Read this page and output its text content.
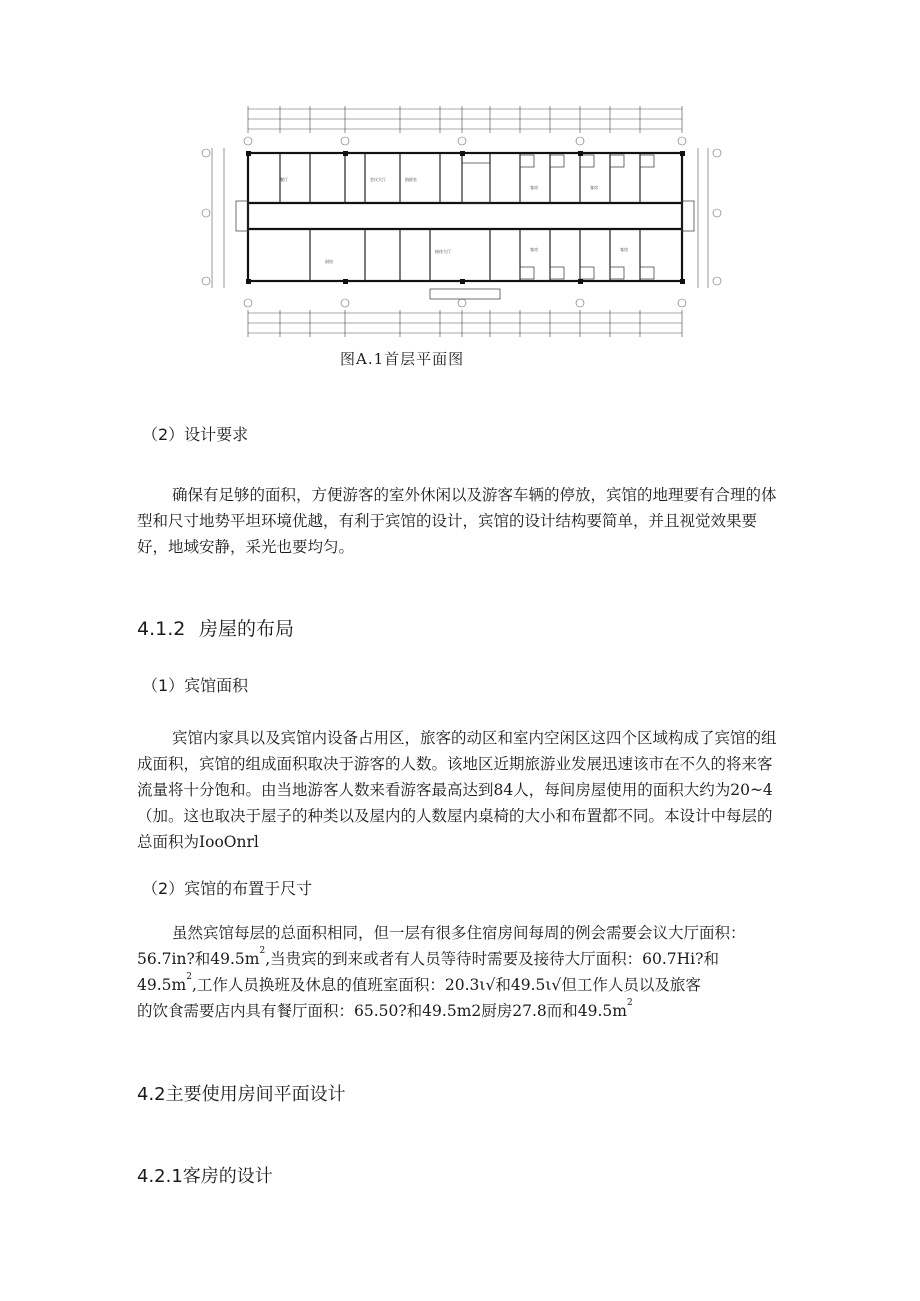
餐厅
厨房
会议大厅
接待大厅
值班室
客房	客房
客房	客房
图A.1首层平面图
（2）设计要求
确保有足够的面积，方便游客的室外休闲以及游客车辆的停放，宾馆的地理要有合理的体型和尺寸地势平坦环境优越，有利于宾馆的设计，宾馆的设计结构要简单，并且视觉效果要好，地域安静，采光也要均匀。
4.1.2 房屋的布局
（1）宾馆面积
宾馆内家具以及宾馆内设备占用区，旅客的动区和室内空闲区这四个区域构成了宾馆的组成面积，宾馆的组成面积取决于游客的人数。该地区近期旅游业发展迅速该市在不久的将来客流量将十分饱和。由当地游客人数来看游客最高达到84人，每间房屋使用的面积大约为20~4（加。这也取决于屋子的种类以及屋内的人数屋内桌椅的大小和布置都不同。本设计中每层的总面积为IooOnrl
（2）宾馆的布置于尺寸

虽然宾馆每层的总面积相同，但一层有很多住宿房间每周的例会需要会议大厅面积：

56.7in?和$49.5m^2$,当贵宾的到来或者有人员等待时需要及接待大厅面积：60.7Hi?和

$49.5m^2$,工作人员换班及休息的值班室面积：20.3ι√和49.5ι√但工作人员以及旅客

的饮食需要店内具有餐厅面积：65.50?和49.5m2厨房27.8而和$49.5m^2$

4.2主要使用房间平面设计
4.2.1客房的设计
